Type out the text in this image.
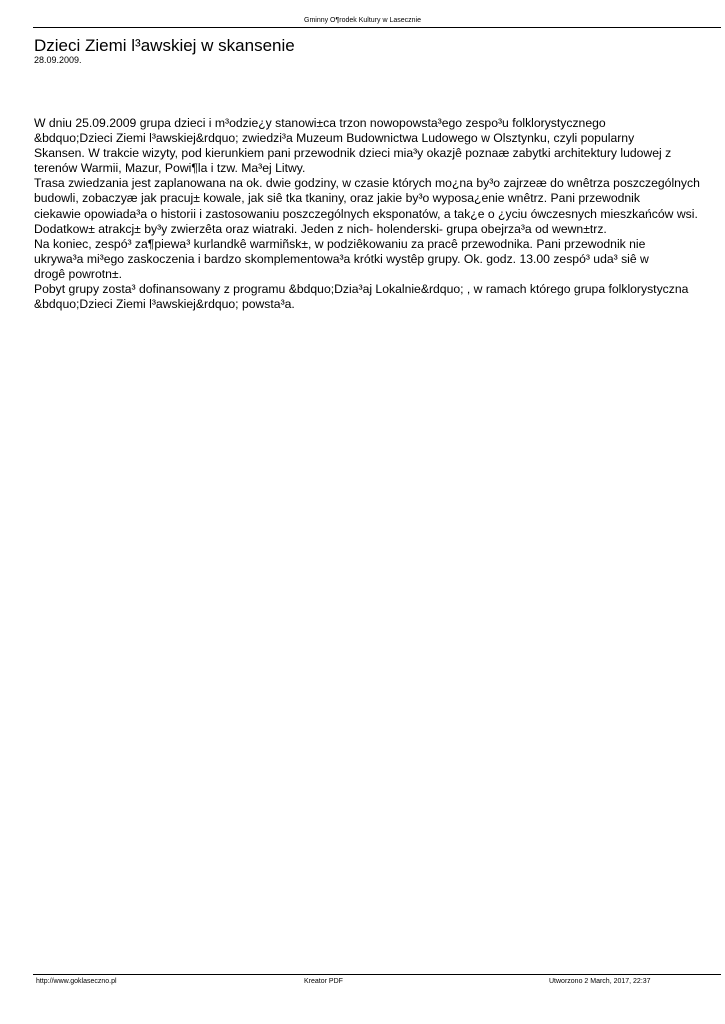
Gminny O¶rodek Kultury w Lasecznie
Dzieci Ziemi l³awskiej w skansenie
28.09.2009.
W dniu 25.09.2009 grupa dzieci i m³odzie¿y stanowi±ca trzon nowopowsta³ego zespo³u folklorystycznego
&bdquo;Dzieci Ziemi l³awskiej&rdquo; zwiedzi³a Muzeum Budownictwa Ludowego w Olsztynku, czyli popularny
Skansen. W trakcie wizyty, pod kierunkiem pani przewodnik dzieci mia³y okazjê poznaæ zabytki architektury ludowej z
terenów Warmii, Mazur, Powi¶la i tzw. Ma³ej Litwy.
Trasa zwiedzania jest zaplanowana na ok. dwie godziny, w czasie których mo¿na by³o zajrzeæ do wnêtrza poszczególnych
budowli, zobaczyæ jak pracuj± kowale, jak siê tka tkaniny, oraz jakie by³o wyposa¿enie wnêtrz. Pani przewodnik
ciekawie opowiada³a o historii i zastosowaniu poszczególnych eksponatów, a tak¿e o ¿yciu ówczesnych mieszkańców wsi.
Dodatkow± atrakcj± by³y zwierzêta oraz wiatraki. Jeden z nich- holenderski- grupa obejrza³a od wewn±trz.
Na koniec, zespó³ za¶piewa³ kurlandkê warmiñsk±, w podziêkowaniu za pracê przewodnika. Pani przewodnik nie
ukrywa³a mi³ego zaskoczenia i bardzo skomplementowa³a krótki wystêp grupy. Ok. godz. 13.00 zespó³ uda³ siê w
drogê powrotn±.
Pobyt grupy zosta³ dofinansowany z programu &bdquo;Dzia³aj Lokalnie&rdquo; , w ramach którego grupa folklorystyczna
&bdquo;Dzieci Ziemi l³awskiej&rdquo; powsta³a.
http://www.goklaseczno.pl	Kreator PDF	Utworzono 2 March, 2017, 22:37
